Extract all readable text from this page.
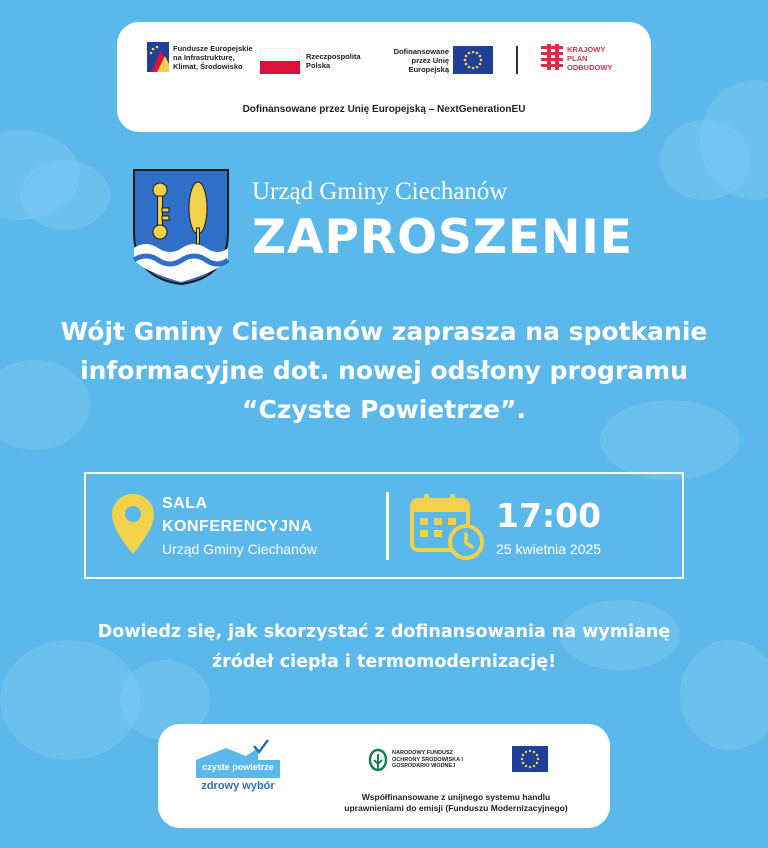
Fundusze Europejskie na Infrastrukturę, Klimat, Środowisko
Rzeczpospolita Polska
Dofinansowane przez Unię Europejską
KRAJOWY PLAN ODBUDOWY
Dofinansowane przez Unię Europejską – NextGenerationEU
Urząd Gminy Ciechanów
ZAPROSZENIE

Wójt Gminy Ciechanów zaprasza na spotkanie

informacyjne dot. nowej odsłony programu

“Czyste Powietrze”.

SALA
KONFERENCYJNA
Urząd Gminy Ciechanów
17:00
25 kwietnia 2025

Dowiedz się, jak skorzystać z dofinansowania na wymianę

źródeł ciepła i termomodernizację!

czyste powietrze
zdrowy wybór
NARODOWY FUNDUSZ OCHRONY ŚRODOWISKA I GOSPODARKI WODNEJ
Współfinansowane z unijnego systemu handlu
uprawnieniami do emisji (Funduszu Modernizacyjnego)
